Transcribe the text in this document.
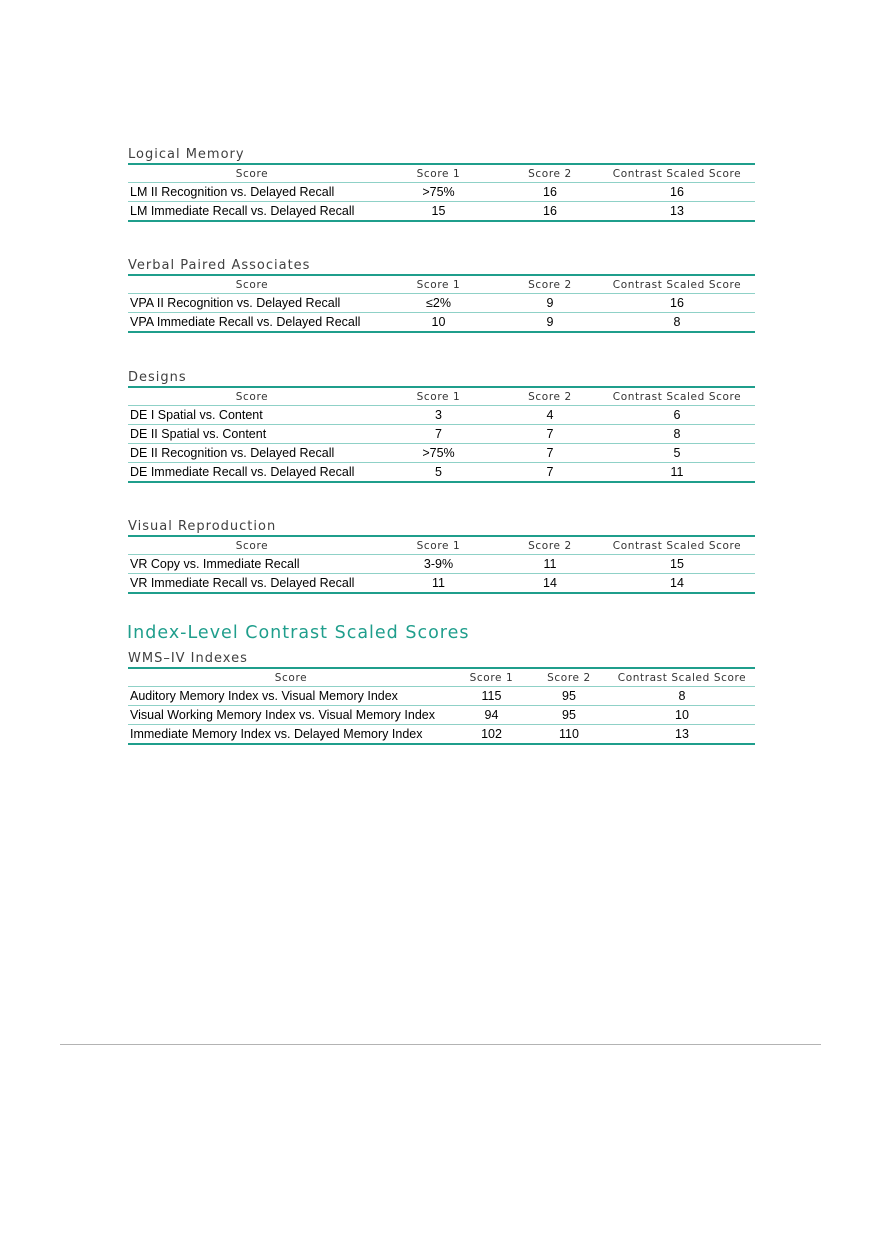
Logical Memory
Score	Score 1	Score 2	Contrast Scaled Score
LM II Recognition vs. Delayed Recall	>75%	16	16
LM Immediate Recall vs. Delayed Recall	15	16	13
Verbal Paired Associates
Score	Score 1	Score 2	Contrast Scaled Score
VPA II Recognition vs. Delayed Recall	≤2%	9	16
VPA Immediate Recall vs. Delayed Recall	10	9	8
Designs
Score	Score 1	Score 2	Contrast Scaled Score
DE I Spatial vs. Content	3	4	6
DE II Spatial vs. Content	7	7	8
DE II Recognition vs. Delayed Recall	>75%	7	5
DE Immediate Recall vs. Delayed Recall	5	7	11
Visual Reproduction
Score	Score 1	Score 2	Contrast Scaled Score
VR Copy vs. Immediate Recall	3-9%	11	15
VR Immediate Recall vs. Delayed Recall	11	14	14
Index-Level Contrast Scaled Scores
WMS–IV Indexes
Score	Score 1	Score 2	Contrast Scaled Score
Auditory Memory Index vs. Visual Memory Index	115	95	8
Visual Working Memory Index vs. Visual Memory Index	94	95	10
Immediate Memory Index vs. Delayed Memory Index	102	110	13
